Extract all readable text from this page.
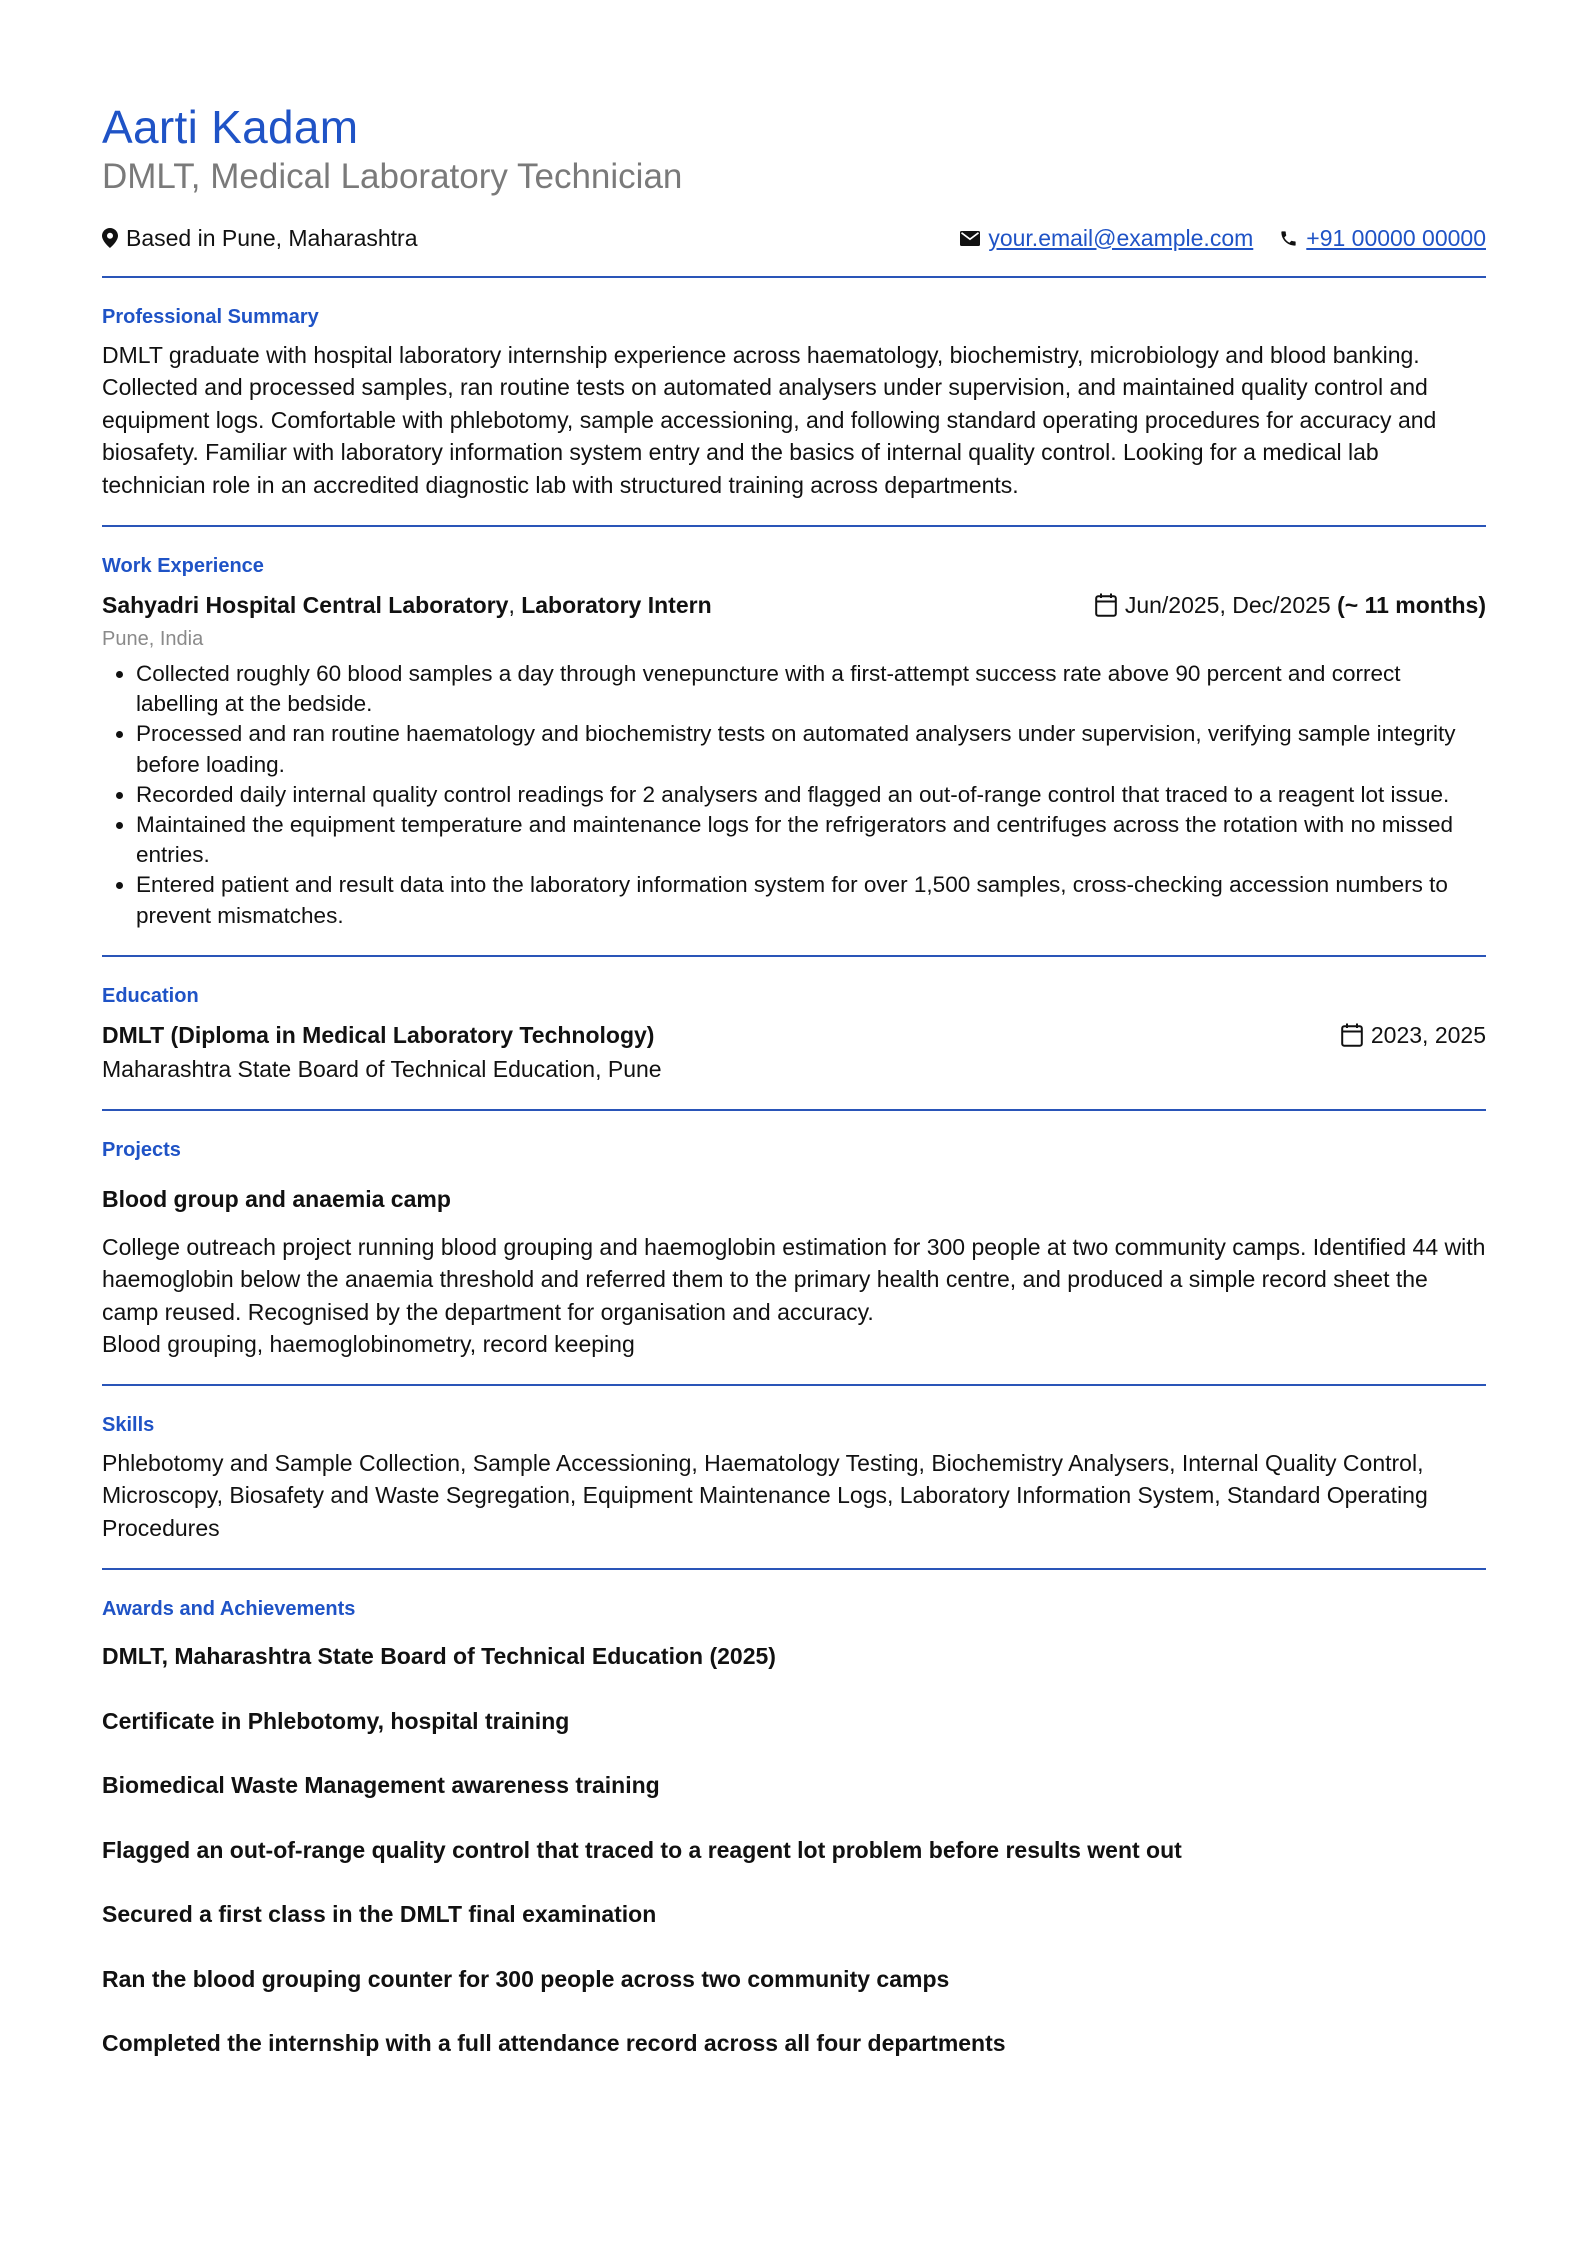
Aarti Kadam
DMLT, Medical Laboratory Technician
Based in Pune, Maharashtra	your.email@example.com +91 00000 00000
Professional Summary
DMLT graduate with hospital laboratory internship experience across haematology, biochemistry, microbiology and blood banking. Collected and processed samples, ran routine tests on automated analysers under supervision, and maintained quality control and equipment logs. Comfortable with phlebotomy, sample accessioning, and following standard operating procedures for accuracy and biosafety. Familiar with laboratory information system entry and the basics of internal quality control. Looking for a medical lab technician role in an accredited diagnostic lab with structured training across departments.
Work Experience
Sahyadri Hospital Central Laboratory, Laboratory Intern	Jun/2025, Dec/2025
(~ 11 months)
Pune, India
• Collected roughly 60 blood samples a day through venepuncture with a first-attempt success rate above 90 percent and correct labelling at the bedside.
• Processed and ran routine haematology and biochemistry tests on automated analysers under supervision, verifying sample integrity before loading.
• Recorded daily internal quality control readings for 2 analysers and flagged an out-of-range control that traced to a reagent lot issue.
• Maintained the equipment temperature and maintenance logs for the refrigerators and centrifuges across the rotation with no missed entries.
• Entered patient and result data into the laboratory information system for over 1,500 samples, cross-checking accession numbers to prevent mismatches.
Education
DMLT (Diploma in Medical Laboratory Technology)	2023, 2025
Maharashtra State Board of Technical Education, Pune
Projects
Blood group and anaemia camp
College outreach project running blood grouping and haemoglobin estimation for 300 people at two community camps. Identified 44 with haemoglobin below the anaemia threshold and referred them to the primary health centre, and produced a simple record sheet the camp reused. Recognised by the department for organisation and accuracy.
Blood grouping, haemoglobinometry, record keeping
Skills
Phlebotomy and Sample Collection, Sample Accessioning, Haematology Testing, Biochemistry Analysers, Internal Quality Control, Microscopy, Biosafety and Waste Segregation, Equipment Maintenance Logs, Laboratory Information System, Standard Operating Procedures
Awards and Achievements
DMLT, Maharashtra State Board of Technical Education (2025)
Certificate in Phlebotomy, hospital training
Biomedical Waste Management awareness training
Flagged an out-of-range quality control that traced to a reagent lot problem before results went out
Secured a first class in the DMLT final examination
Ran the blood grouping counter for 300 people across two community camps
Completed the internship with a full attendance record across all four departments
